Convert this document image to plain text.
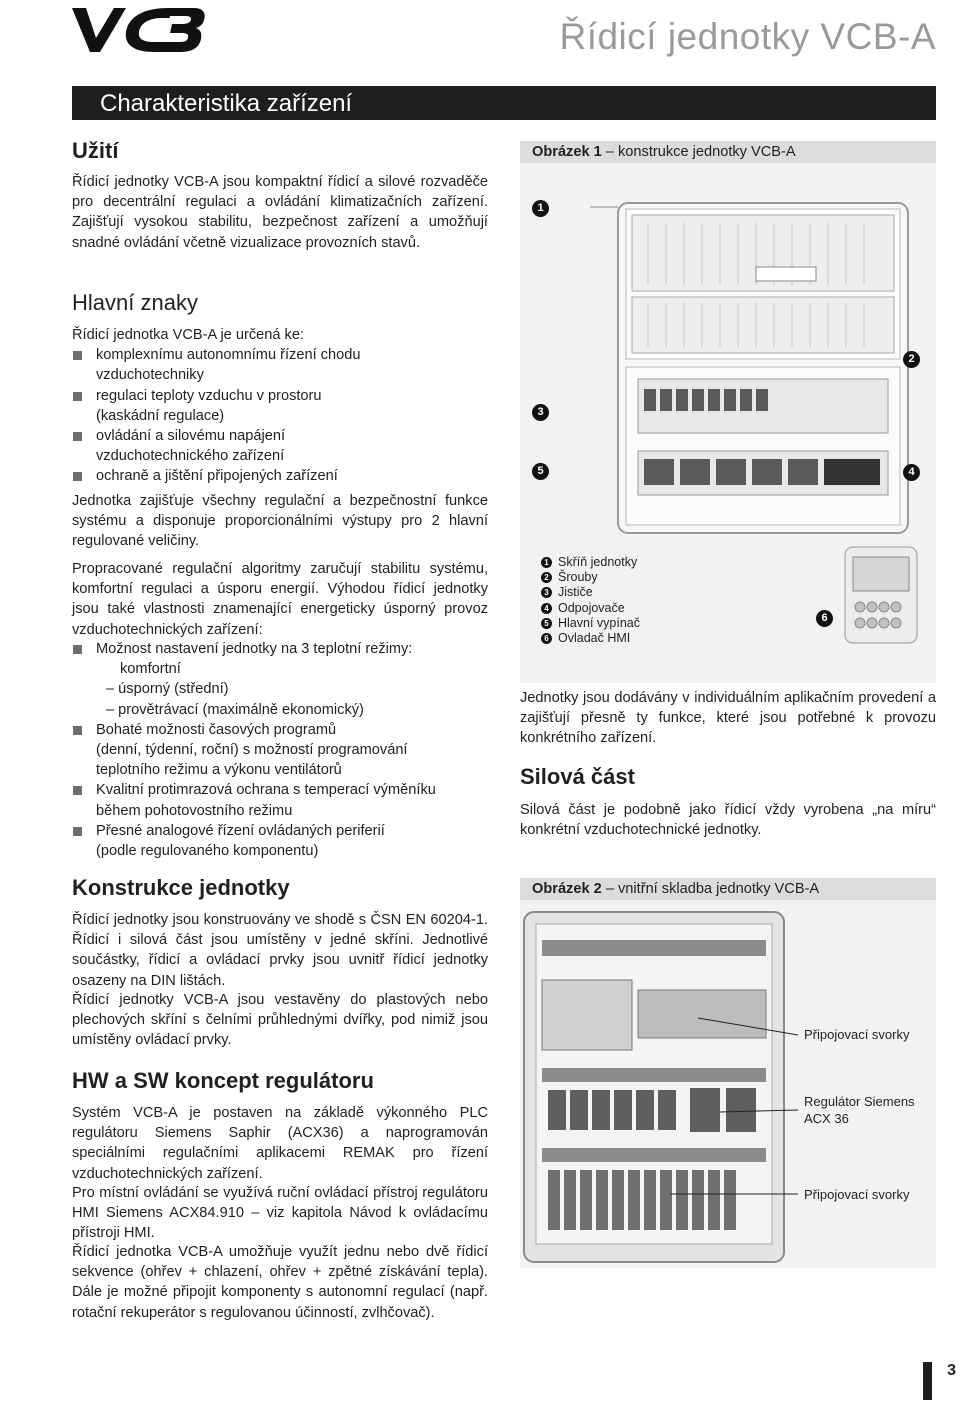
Řídicí jednotky VCB-A
Charakteristika zařízení
Užití
Řídicí jednotky VCB-A jsou kompaktní řídicí a silové rozvaděče pro decentrální regulaci a ovládání klimatizačních zařízení. Zajišťují vysokou stabilitu, bezpečnost zařízení a umožňují snadné ovládání včetně vizualizace provozních stavů.
Hlavní znaky
Řídicí jednotka VCB-A je určená ke:
komplexnímu autonomnímu řízení chodu
vzduchotechniky
regulaci teploty vzduchu v prostoru
(kaskádní regulace)
ovládání a silovému napájení
vzduchotechnického zařízení
ochraně a jištění připojených zařízení
Jednotka zajišťuje všechny regulační a bezpečnostní funkce systému a disponuje proporcionálními výstupy pro 2 hlavní regulované veličiny.
Propracované regulační algoritmy zaručují stabilitu systému, komfortní regulaci a úsporu energií. Výhodou řídicí jednotky jsou také vlastnosti znamenající energeticky úsporný provoz vzduchotechnických zařízení:
Možnost nastavení jednotky na 3 teplotní režimy:
komfortní
– úsporný (střední)
– provětrávací (maximálně ekonomický)
Bohaté možnosti časových programů
(denní, týdenní, roční) s možností programování
teplotního režimu a výkonu ventilátorů
Kvalitní protimrazová ochrana s temperací výměníku
během pohotovostního režimu
Přesné analogové řízení ovládaných periferií
(podle regulovaného komponentu)
Konstrukce jednotky
Řídicí jednotky jsou konstruovány ve shodě s ČSN EN 60204-1. Řídicí i silová část jsou umístěny v jedné skříni. Jednotlivé součástky, řídicí a ovládací prvky jsou uvnitř řídicí jednotky osazeny na DIN lištách.
Řídicí jednotky VCB-A jsou vestavěny do plastových nebo plechových skříní s čelními průhlednými dvířky, pod nimiž jsou umístěny ovládací prvky.
HW a SW koncept regulátoru
Systém VCB-A je postaven na základě výkonného PLC regulátoru Siemens Saphir (ACX36) a naprogramován speciálními regulačními aplikacemi REMAK pro řízení vzduchotechnických zařízení.
Pro místní ovládání se využívá ruční ovládací přístroj regulátoru HMI Siemens ACX84.910 – viz kapitola Návod k ovládacímu přístroji HMI.
Řídicí jednotka VCB-A umožňuje využít jednu nebo dvě řídicí sekvence (ohřev + chlazení, ohřev + zpětné získávání tepla). Dále je možné připojit komponenty s autonomní regulací (např. rotační rekuperátor s regulovanou účinností, zvlhčovač).
Obrázek 1 – konstrukce jednotky VCB-A
1
2
3
4
5
6
1 Skříň jednotky
2 Šrouby
3 Jističe
4 Odpojovače
5 Hlavní vypínač
6 Ovladač HMI
Jednotky jsou dodávány v individuálním aplikačním provedení a zajišťují přesně ty funkce, které jsou potřebné k provozu konkrétního zařízení.
Silová část
Silová část je podobně jako řídicí vždy vyrobena „na míru“ konkrétní vzduchotechnické jednotky.
Obrázek 2 – vnitřní skladba jednotky VCB-A
Připojovací svorky
Regulátor Siemens ACX 36
Připojovací svorky
3
